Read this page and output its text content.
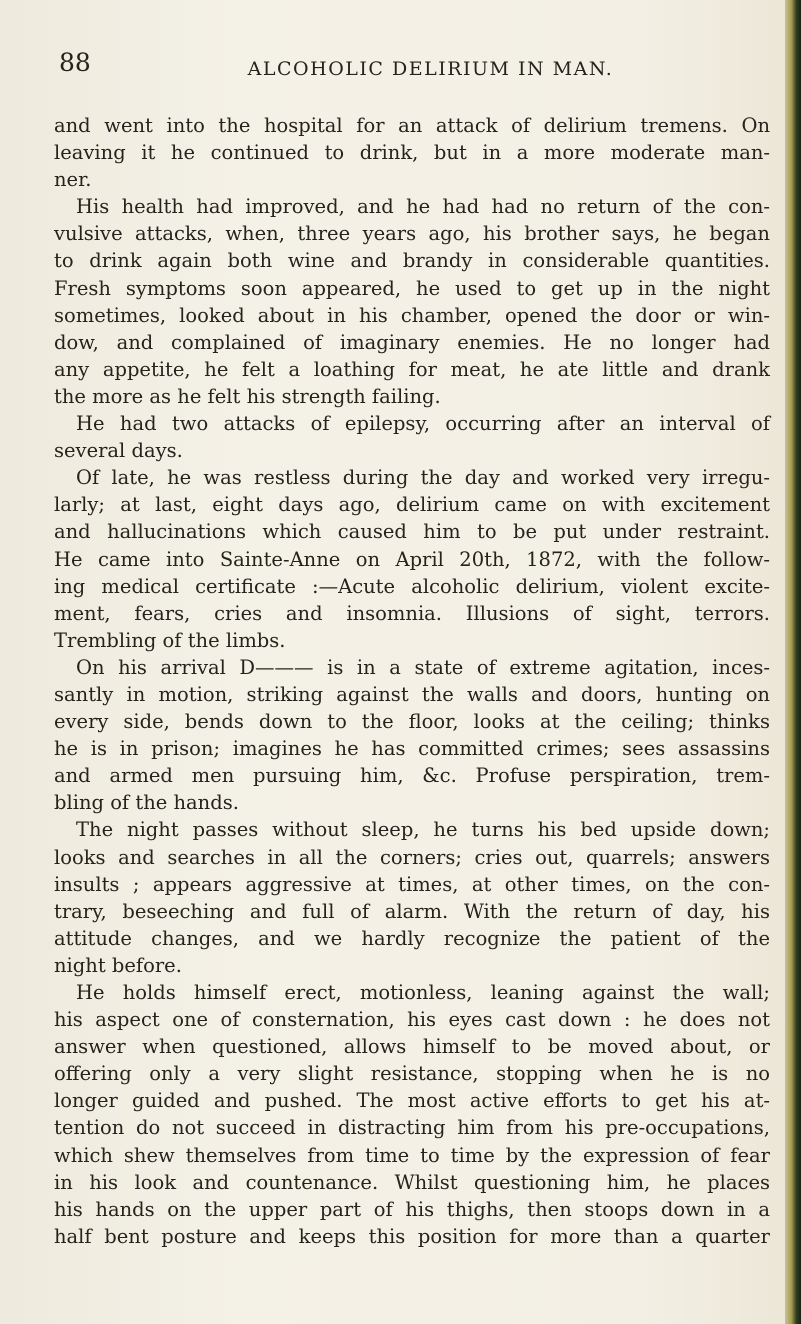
88	ALCOHOLIC DELIRIUM IN MAN.
and went into the hospital for an attack of delirium tremens. On
leaving it he continued to drink, but in a more moderate man-
ner.
His health had improved, and he had had no return of the con-
vulsive attacks, when, three years ago, his brother says, he began
to drink again both wine and brandy in considerable quantities.
Fresh symptoms soon appeared, he used to get up in the night
sometimes, looked about in his chamber, opened the door or win-
dow, and complained of imaginary enemies. He no longer had
any appetite, he felt a loathing for meat, he ate little and drank
the more as he felt his strength failing.
He had two attacks of epilepsy, occurring after an interval of
several days.
Of late, he was restless during the day and worked very irregu-
larly; at last, eight days ago, delirium came on with excitement
and hallucinations which caused him to be put under restraint.
He came into Sainte-Anne on April 20th, 1872, with the follow-
ing medical certificate :—Acute alcoholic delirium, violent excite-
ment, fears, cries and insomnia. Illusions of sight, terrors.
Trembling of the limbs.
On his arrival D——— is in a state of extreme agitation, inces-
santly in motion, striking against the walls and doors, hunting on
every side, bends down to the floor, looks at the ceiling; thinks
he is in prison; imagines he has committed crimes; sees assassins
and armed men pursuing him, &c. Profuse perspiration, trem-
bling of the hands.
The night passes without sleep, he turns his bed upside down;
looks and searches in all the corners; cries out, quarrels; answers
insults ; appears aggressive at times, at other times, on the con-
trary, beseeching and full of alarm. With the return of day, his
attitude changes, and we hardly recognize the patient of the
night before.
He holds himself erect, motionless, leaning against the wall;
his aspect one of consternation, his eyes cast down : he does not
answer when questioned, allows himself to be moved about, or
offering only a very slight resistance, stopping when he is no
longer guided and pushed. The most active efforts to get his at-
tention do not succeed in distracting him from his pre-occupations,
which shew themselves from time to time by the expression of fear
in his look and countenance. Whilst questioning him, he places
his hands on the upper part of his thighs, then stoops down in a
half bent posture and keeps this position for more than a quarter
